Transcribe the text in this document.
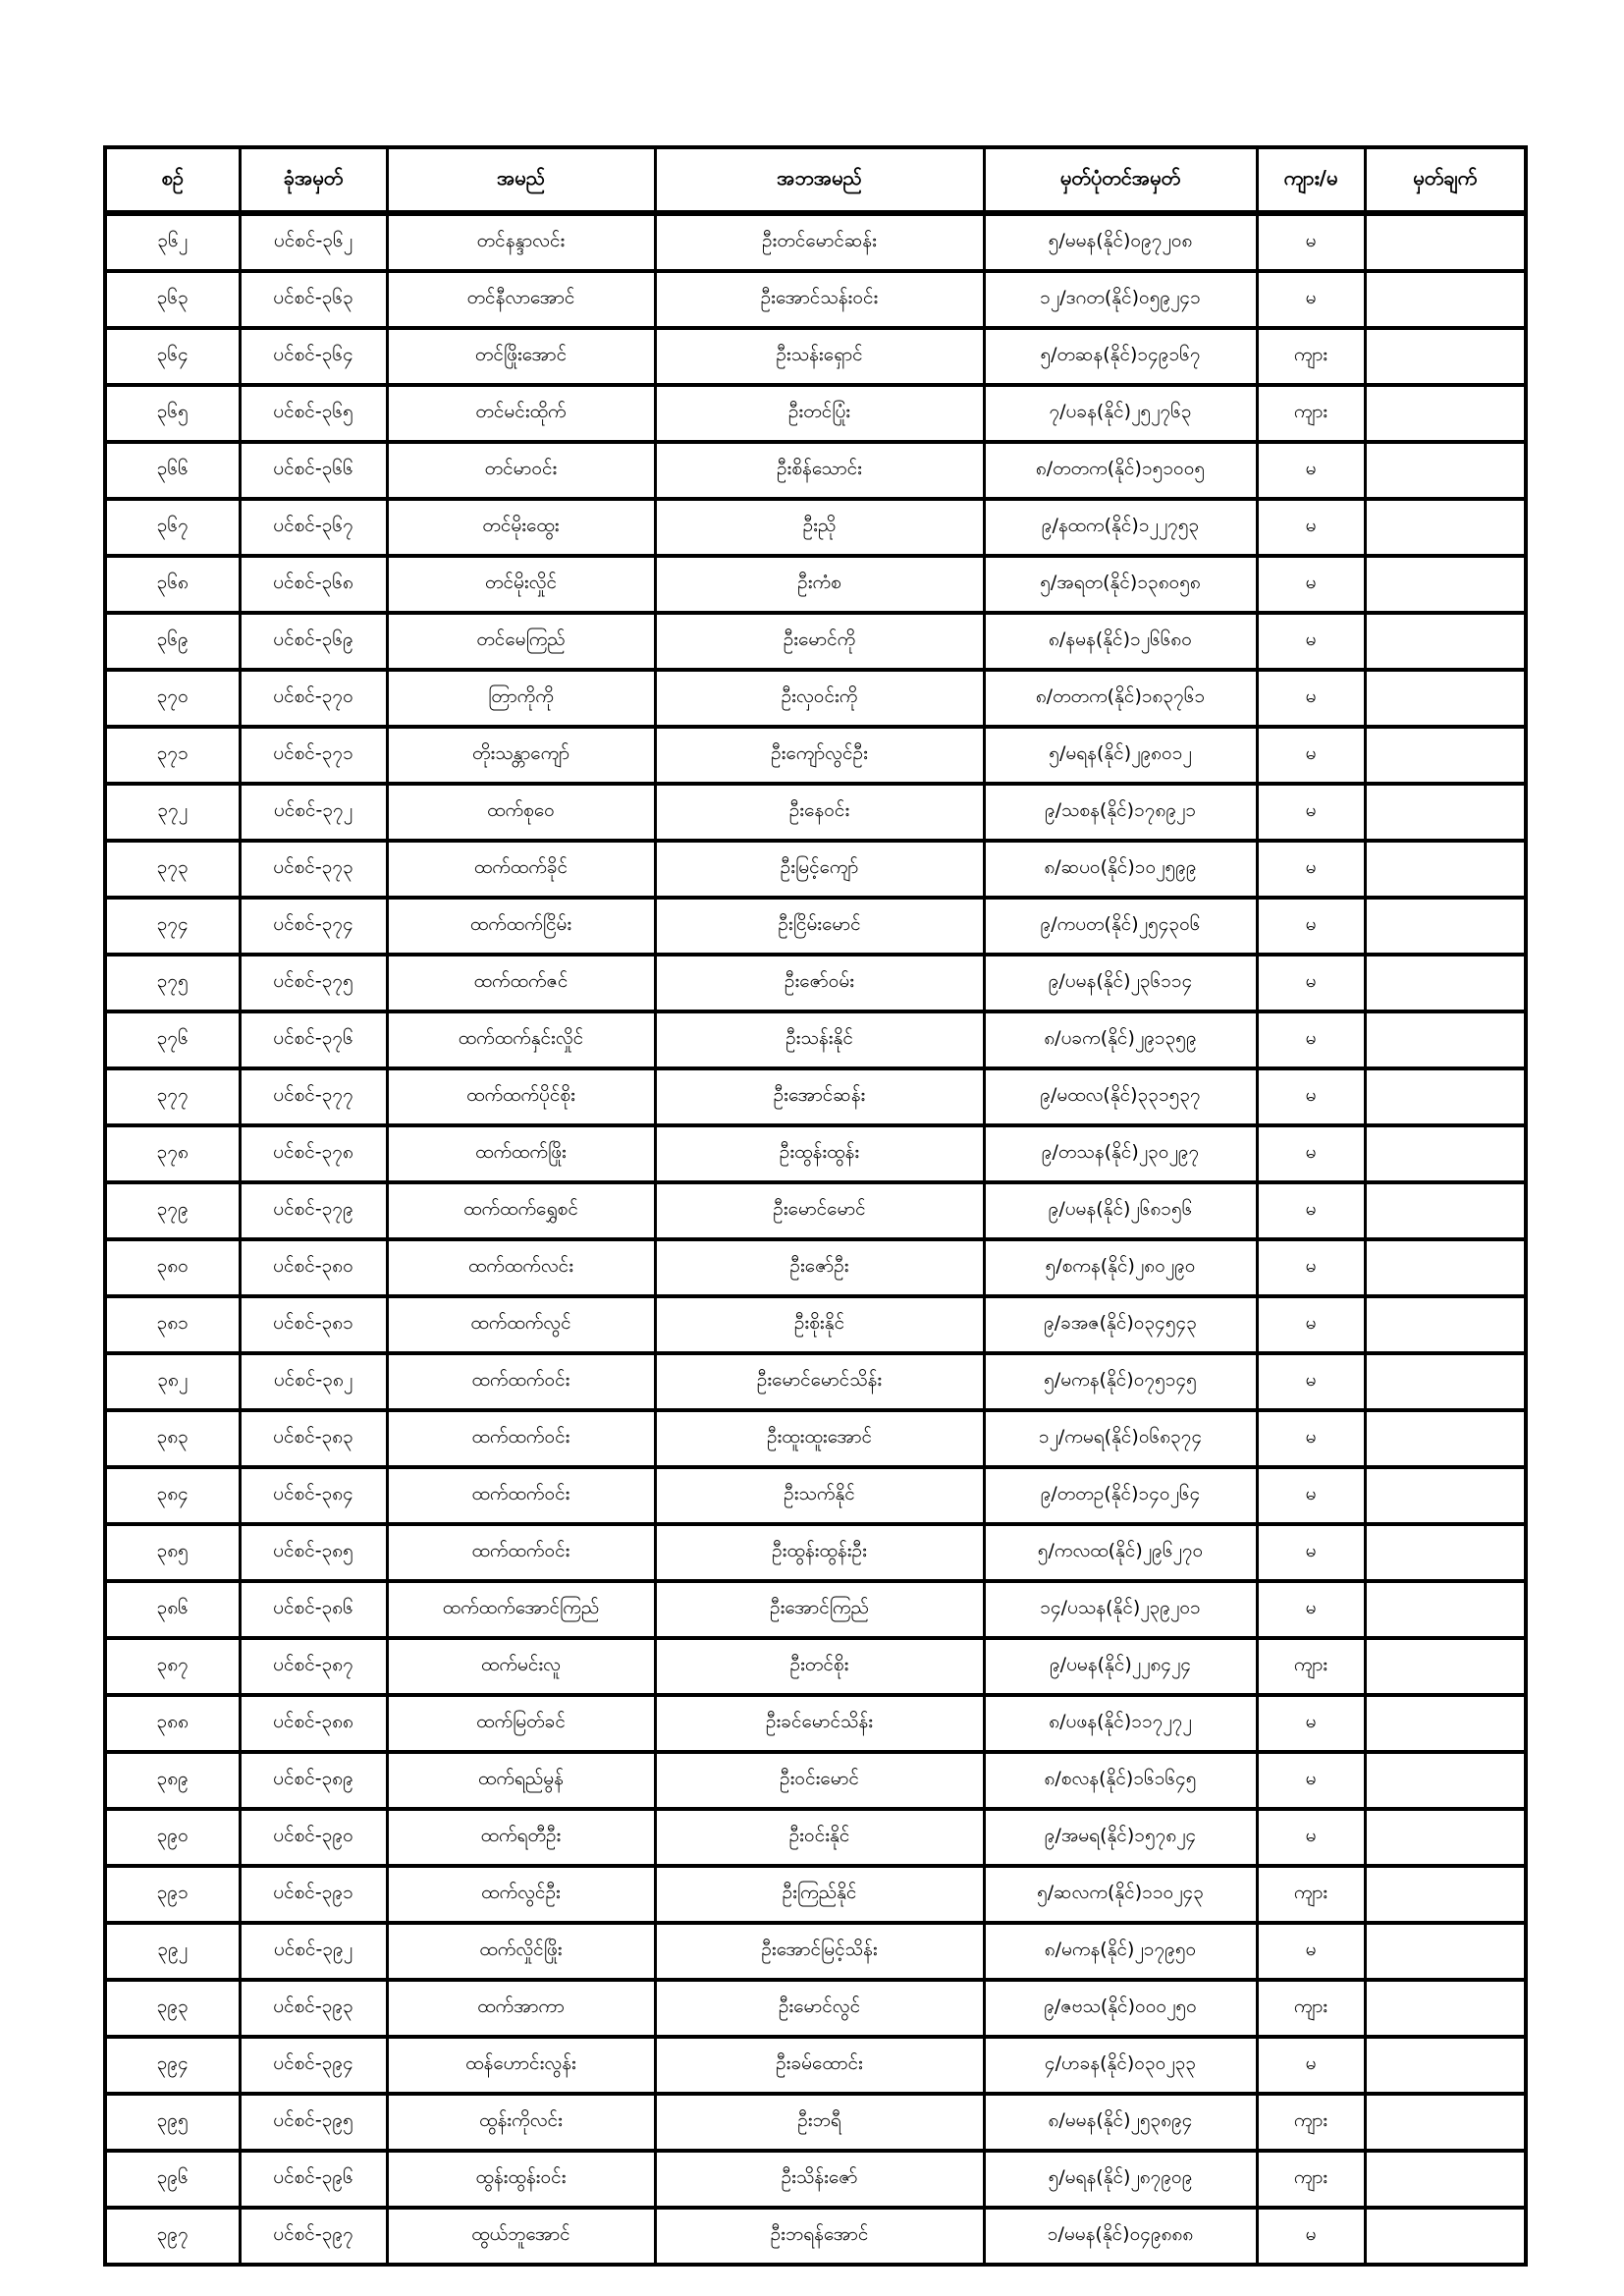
စဉ်	ခုံအမှတ်	အမည်	အဘအမည်	မှတ်ပုံတင်အမှတ်	ကျား/မ	မှတ်ချက်
၃၆၂	ပင်စင်-၃၆၂	တင်နန္ဒာလင်း	ဦးတင်မောင်ဆန်း	၅/မမန(နိုင်)၀၉၇၂၀၈	မ	
၃၆၃	ပင်စင်-၃၆၃	တင်နီလာအောင်	ဦးအောင်သန်းဝင်း	၁၂/ဒဂတ(နိုင်)၀၅၉၂၄၁	မ	
၃၆၄	ပင်စင်-၃၆၄	တင်ဖြိုးအောင်	ဦးသန်းရှောင်	၅/တဆန(နိုင်)၁၄၉၁၆၇	ကျား	
၃၆၅	ပင်စင်-၃၆၅	တင်မင်းထိုက်	ဦးတင်ပြုံး	၇/ပခန(နိုင်)၂၅၂၇၆၃	ကျား	
၃၆၆	ပင်စင်-၃၆၆	တင်မာဝင်း	ဦးစိန်သောင်း	၈/တတက(နိုင်)၁၅၁၀၀၅	မ	
၃၆၇	ပင်စင်-၃၆၇	တင်မိုးထွေး	ဦးညို	၉/နထက(နိုင်)၁၂၂၇၅၃	မ	
၃၆၈	ပင်စင်-၃၆၈	တင်မိုးလှိုင်	ဦးကံစ	၅/အရတ(နိုင်)၁၃၈၀၅၈	မ	
၃၆၉	ပင်စင်-၃၆၉	တင်မေကြည်	ဦးမောင်ကို	၈/နမန(နိုင်)၁၂၆၆၈၀	မ	
၃၇၀	ပင်စင်-၃၇၀	တြာကိုကို	ဦးလှဝင်းကို	၈/တတက(နိုင်)၁၈၃၇၆၁	မ	
၃၇၁	ပင်စင်-၃၇၁	တိုးသန္တာကျော်	ဦးကျော်လွင်ဦး	၅/မရန(နိုင်)၂၉၈၀၁၂	မ	
၃၇၂	ပင်စင်-၃၇၂	ထက်စုဝေ	ဦးနေဝင်း	၉/သစန(နိုင်)၁၇၈၉၂၁	မ	
၃၇၃	ပင်စင်-၃၇၃	ထက်ထက်ခိုင်	ဦးမြင့်ကျော်	၈/ဆပဝ(နိုင်)၁၀၂၅၉၉	မ	
၃၇၄	ပင်စင်-၃၇၄	ထက်ထက်ငြိမ်း	ဦးငြိမ်းမောင်	၉/ကပတ(နိုင်)၂၅၄၃၀၆	မ	
၃၇၅	ပင်စင်-၃၇၅	ထက်ထက်ဇင်	ဦးဇော်ဝမ်း	၉/ပမန(နိုင်)၂၃၆၁၁၄	မ	
၃၇၆	ပင်စင်-၃၇၆	ထက်ထက်နှင်းလှိုင်	ဦးသန်းနိုင်	၈/ပခက(နိုင်)၂၉၁၃၅၉	မ	
၃၇၇	ပင်စင်-၃၇၇	ထက်ထက်ပိုင်စိုး	ဦးအောင်ဆန်း	၉/မထလ(နိုင်)၃၃၁၅၃၇	မ	
၃၇၈	ပင်စင်-၃၇၈	ထက်ထက်ဖြိုး	ဦးထွန်းထွန်း	၉/တသန(နိုင်)၂၃၀၂၉၇	မ	
၃၇၉	ပင်စင်-၃၇၉	ထက်ထက်ရွှေစင်	ဦးမောင်မောင်	၉/ပမန(နိုင်)၂၆၈၁၅၆	မ	
၃၈၀	ပင်စင်-၃၈၀	ထက်ထက်လင်း	ဦးဇော်ဦး	၅/စကန(နိုင်)၂၈၀၂၉၀	မ	
၃၈၁	ပင်စင်-၃၈၁	ထက်ထက်လွင်	ဦးစိုးနိုင်	၉/ခအဇ(နိုင်)၀၃၄၅၄၃	မ	
၃၈၂	ပင်စင်-၃၈၂	ထက်ထက်ဝင်း	ဦးမောင်မောင်သိန်း	၅/မကန(နိုင်)၀၇၅၁၄၅	မ	
၃၈၃	ပင်စင်-၃၈၃	ထက်ထက်ဝင်း	ဦးထူးထူးအောင်	၁၂/ကမရ(နိုင်)၀၆၈၃၇၄	မ	
၃၈၄	ပင်စင်-၃၈၄	ထက်ထက်ဝင်း	ဦးသက်နိုင်	၉/တတဥ(နိုင်)၁၄၀၂၆၄	မ	
၃၈၅	ပင်စင်-၃၈၅	ထက်ထက်ဝင်း	ဦးထွန်းထွန်းဦး	၅/ကလထ(နိုင်)၂၉၆၂၇၀	မ	
၃၈၆	ပင်စင်-၃၈၆	ထက်ထက်အောင်ကြည်	ဦးအောင်ကြည်	၁၄/ပသန(နိုင်)၂၃၉၂၀၁	မ	
၃၈၇	ပင်စင်-၃၈၇	ထက်မင်းလူ	ဦးတင်စိုး	၉/ပမန(နိုင်)၂၂၈၄၂၄	ကျား	
၃၈၈	ပင်စင်-၃၈၈	ထက်မြတ်ခင်	ဦးခင်မောင်သိန်း	၈/ပဖန(နိုင်)၁၁၇၂၇၂	မ	
၃၈၉	ပင်စင်-၃၈၉	ထက်ရည်မွန်	ဦးဝင်းမောင်	၈/စလန(နိုင်)၁၆၁၆၄၅	မ	
၃၉၀	ပင်စင်-၃၉၀	ထက်ရတီဦး	ဦးဝင်းနိုင်	၉/အမရ(နိုင်)၁၅၇၈၂၄	မ	
၃၉၁	ပင်စင်-၃၉၁	ထက်လွင်ဦး	ဦးကြည်နိုင်	၅/ဆလက(နိုင်)၁၁၀၂၄၃	ကျား	
၃၉၂	ပင်စင်-၃၉၂	ထက်လှိုင်ဖြိုး	ဦးအောင်မြင့်သိန်း	၈/မကန(နိုင်)၂၁၇၉၅၀	မ	
၃၉၃	ပင်စင်-၃၉၃	ထက်အာကာ	ဦးမောင်လွင်	၉/ဇဗသ(နိုင်)၀၀၀၂၅၀	ကျား	
၃၉၄	ပင်စင်-၃၉၄	ထန်ဟောင်းလွန်း	ဦးခမ်ထောင်း	၄/ဟခန(နိုင်)၀၃၀၂၃၃	မ	
၃၉၅	ပင်စင်-၃၉၅	ထွန်းကိုလင်း	ဦးဘရီ	၈/မမန(နိုင်)၂၅၃၈၉၄	ကျား	
၃၉၆	ပင်စင်-၃၉၆	ထွန်းထွန်းဝင်း	ဦးသိန်းဇော်	၅/မရန(နိုင်)၂၈၇၉၀၉	ကျား	
၃၉၇	ပင်စင်-၃၉၇	ထွယ်ဘူအောင်	ဦးဘရန်အောင်	၁/မမန(နိုင်)၀၄၉၈၈၈	မ	
